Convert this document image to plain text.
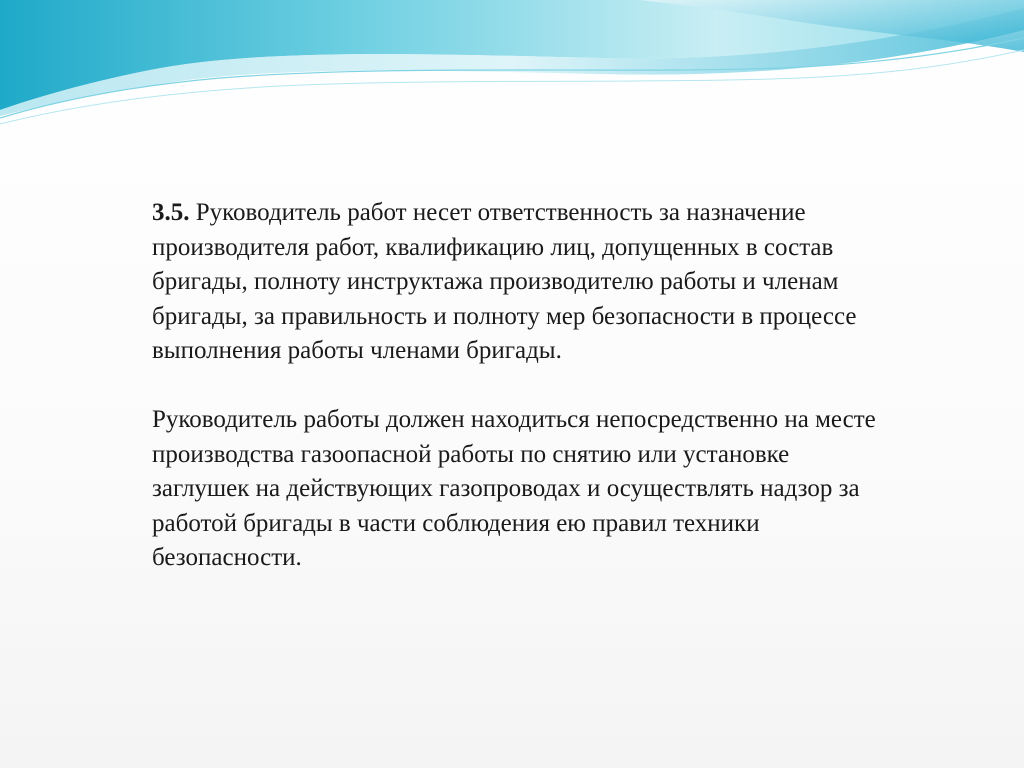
3.5. Руководитель работ несет ответственность за назначение производителя работ, квалификацию лиц, допущенных в состав бригады, полноту инструктажа производителю работы и членам бригады, за правильность и полноту мер безопасности в процессе выполнения работы членами бригады.

Руководитель работы должен находиться непосредственно на месте производства газоопасной работы по снятию или установке заглушек на действующих газопроводах и осуществлять надзор за работой бригады в части соблюдения ею правил техники безопасности.
